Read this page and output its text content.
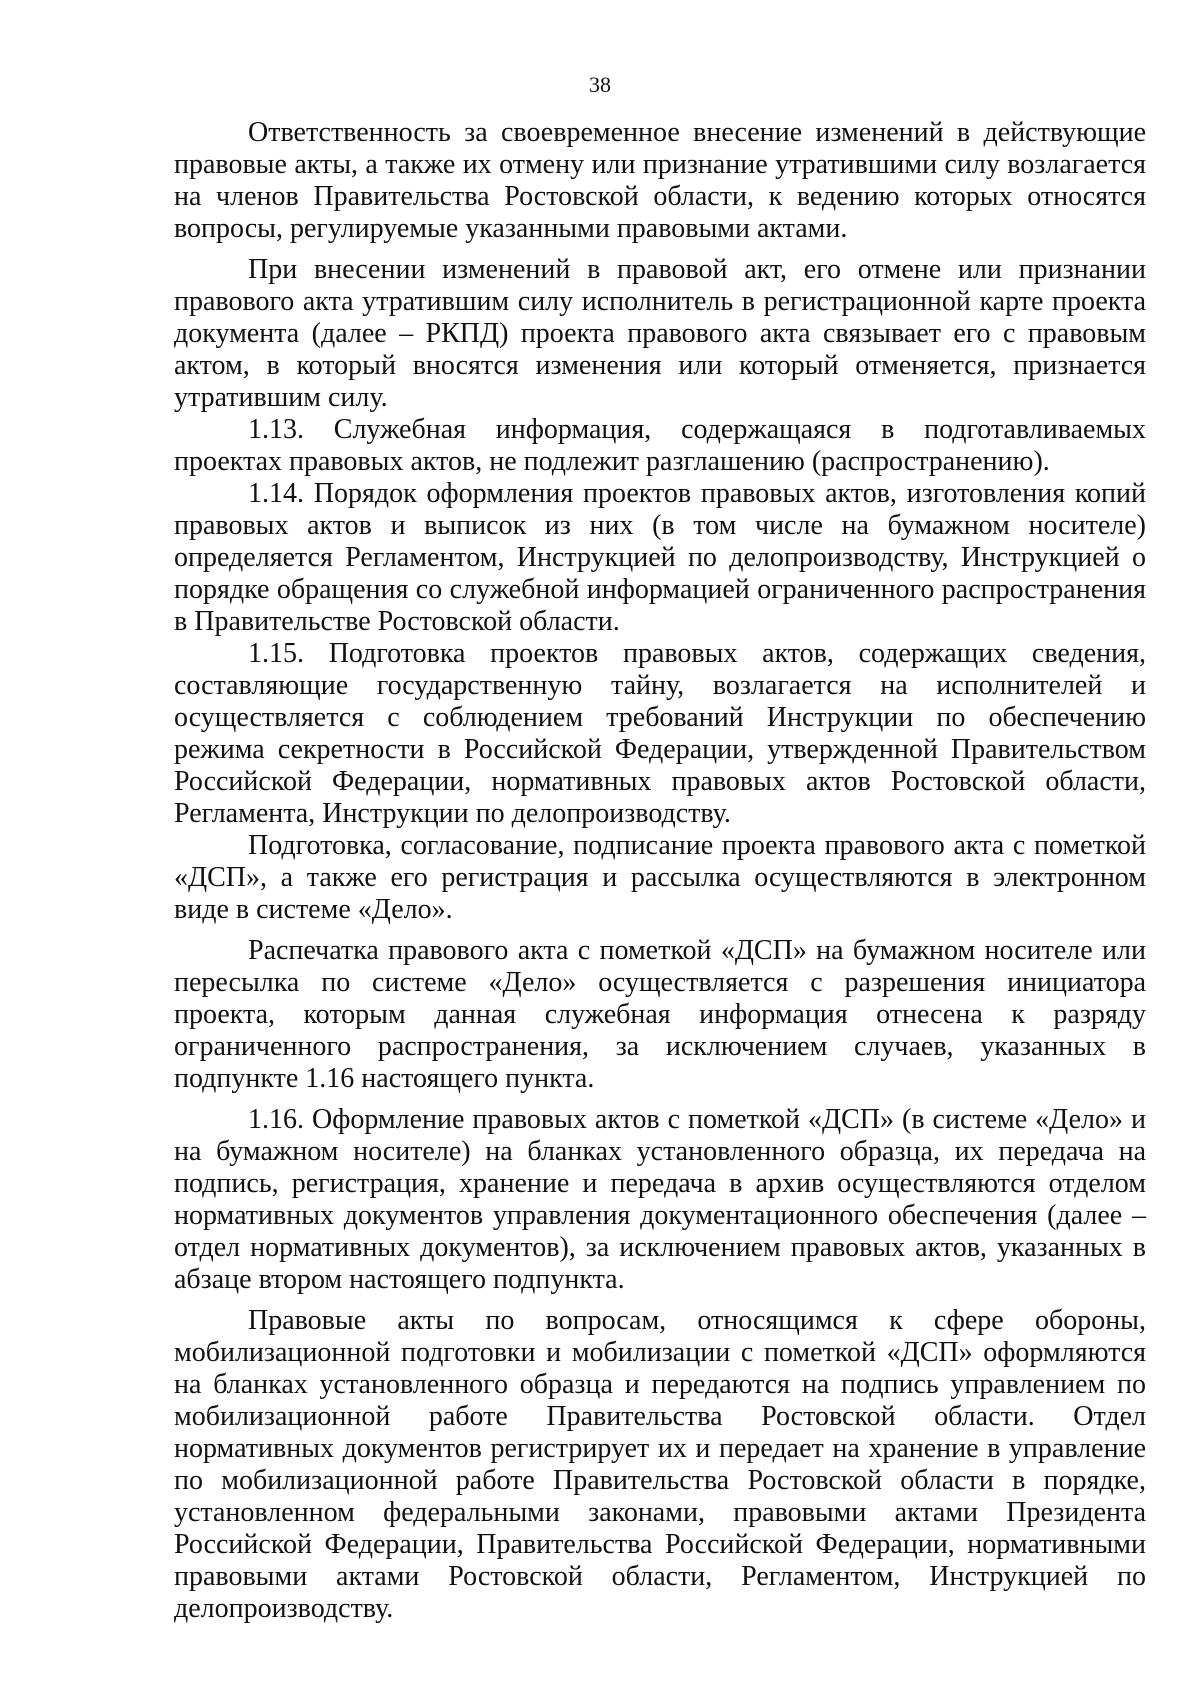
38

Ответственность за своевременное внесение изменений в действующие правовые акты, а также их отмену или признание утратившими силу возлагается на членов Правительства Ростовской области, к ведению которых относятся вопросы, регулируемые указанными правовыми актами.

При внесении изменений в правовой акт, его отмене или признании правового акта утратившим силу исполнитель в регистрационной карте проекта документа (далее – РКПД) проекта правового акта связывает его с правовым актом, в который вносятся изменения или который отменяется, признается утратившим силу.

1.13. Служебная информация, содержащаяся в подготавливаемых проектах правовых актов, не подлежит разглашению (распространению).

1.14. Порядок оформления проектов правовых актов, изготовления копий правовых актов и выписок из них (в том числе на бумажном носителе) определяется Регламентом, Инструкцией по делопроизводству, Инструкцией о порядке обращения со служебной информацией ограниченного распространения в Правительстве Ростовской области.

1.15. Подготовка проектов правовых актов, содержащих сведения, составляющие государственную тайну, возлагается на исполнителей и осуществляется с соблюдением требований Инструкции по обеспечению режима секретности в Российской Федерации, утвержденной Правительством Российской Федерации, нормативных правовых актов Ростовской области, Регламента, Инструкции по делопроизводству.

Подготовка, согласование, подписание проекта правового акта с пометкой «ДСП», а также его регистрация и рассылка осуществляются в электронном виде в системе «Дело».

Распечатка правового акта с пометкой «ДСП» на бумажном носителе или пересылка по системе «Дело» осуществляется с разрешения инициатора проекта, которым данная служебная информация отнесена к разряду ограниченного распространения, за исключением случаев, указанных в подпункте 1.16 настоящего пункта.

1.16. Оформление правовых актов с пометкой «ДСП» (в системе «Дело» и на бумажном носителе) на бланках установленного образца, их передача на подпись, регистрация, хранение и передача в архив осуществляются отделом нормативных документов управления документационного обеспечения (далее – отдел нормативных документов), за исключением правовых актов, указанных в абзаце втором настоящего подпункта.

Правовые акты по вопросам, относящимся к сфере обороны, мобилизационной подготовки и мобилизации с пометкой «ДСП» оформляются на бланках установленного образца и передаются на подпись управлением по мобилизационной работе Правительства Ростовской области. Отдел нормативных документов регистрирует их и передает на хранение в управление по мобилизационной работе Правительства Ростовской области в порядке, установленном федеральными законами, правовыми актами Президента Российской Федерации, Правительства Российской Федерации, нормативными правовыми актами Ростовской области, Регламентом, Инструкцией по делопроизводству.
